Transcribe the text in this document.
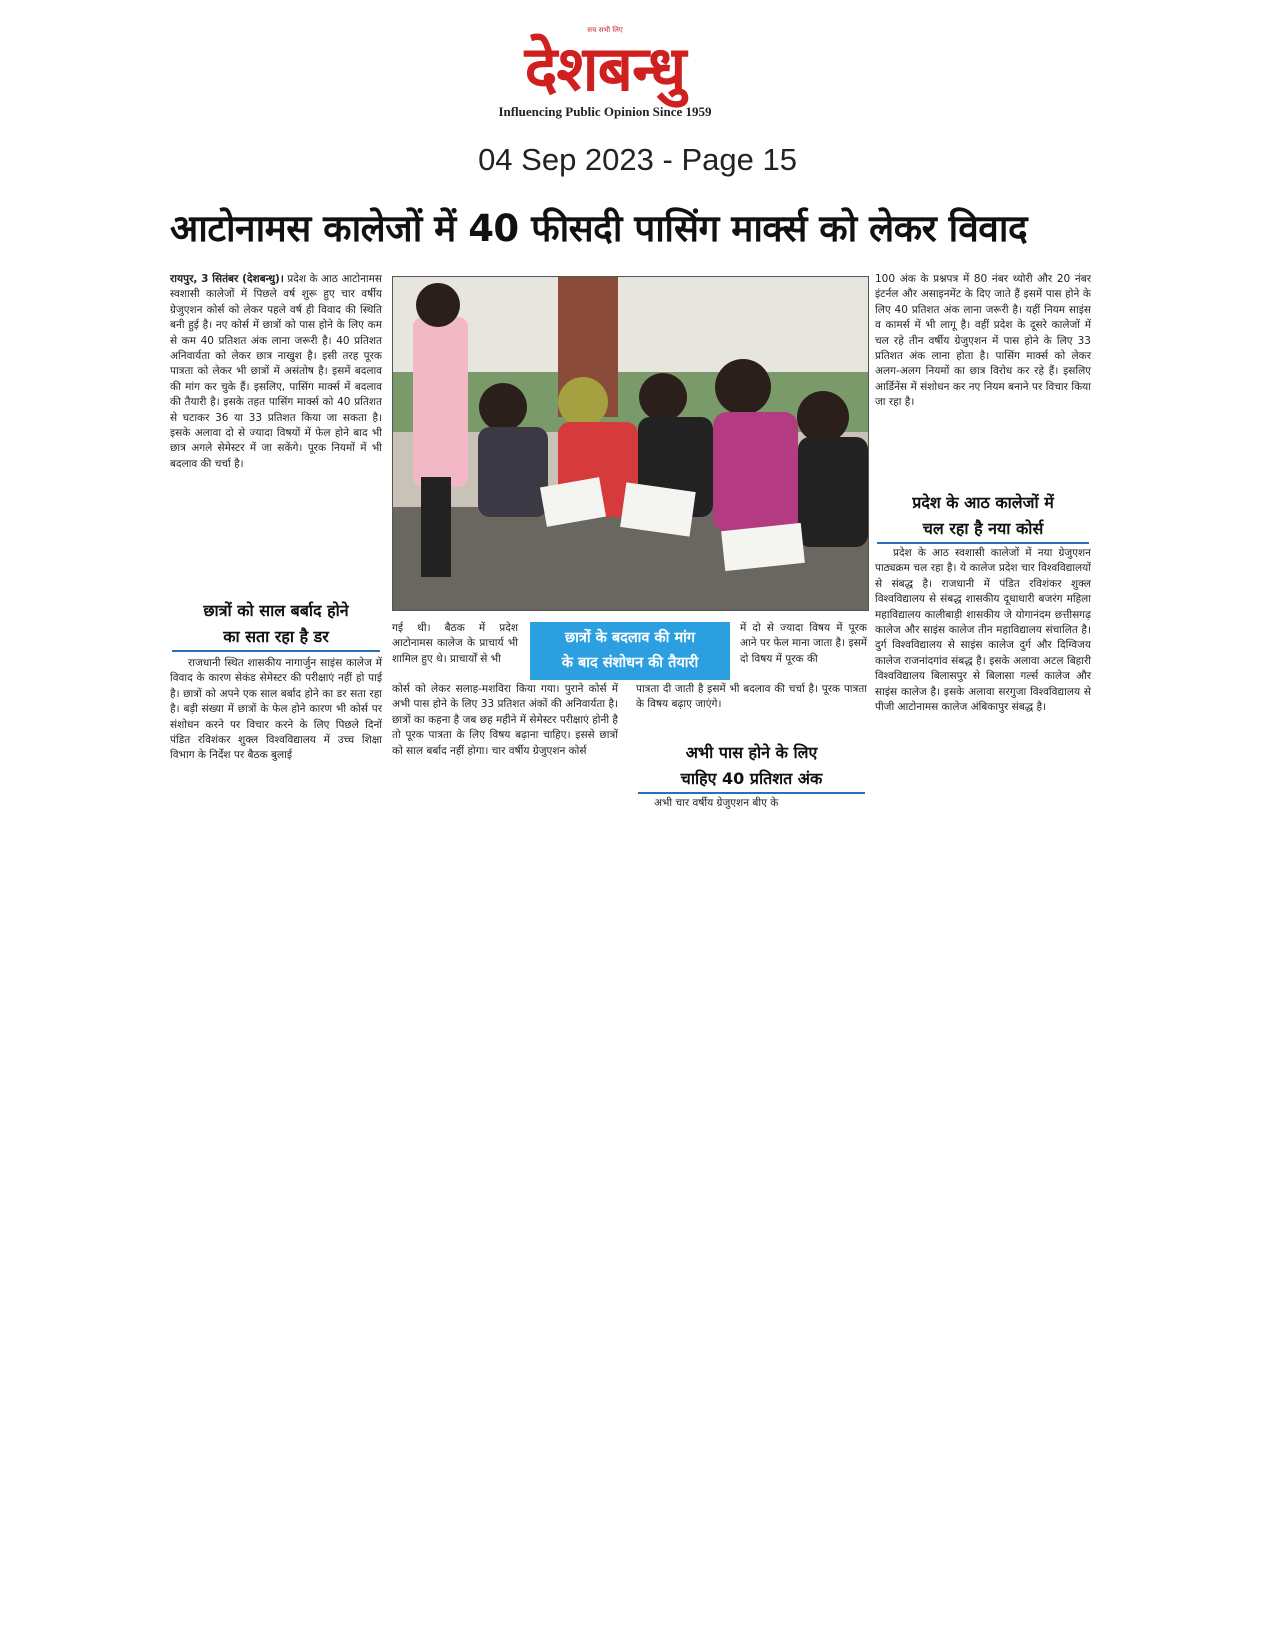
सच सभी लिए
देशबन्धु
Influencing Public Opinion Since 1959
04 Sep 2023 - Page 15
आटोनामस कालेजों में 40 फीसदी पासिंग मार्क्स को लेकर विवाद

रायपुर, 3 सितंबर (देशबन्धु)। प्रदेश के आठ आटोनामस स्वशासी कालेजों में पिछले वर्ष शुरू हुए चार वर्षीय ग्रेजुएशन कोर्स को लेकर पहले वर्ष ही विवाद की स्थिति बनी हुई है। नए कोर्स में छात्रों को पास होने के लिए कम से कम 40 प्रतिशत अंक लाना जरूरी है। 40 प्रतिशत अनिवार्यता को लेकर छात्र नाखुश है। इसी तरह पूरक पात्रता को लेकर भी छात्रों में असंतोष है। इसमें बदलाव की मांग कर चुके हैं। इसलिए, पासिंग मार्क्स में बदलाव की तैयारी है। इसके तहत पासिंग मार्क्स को 40 प्रतिशत से घटाकर 36 या 33 प्रतिशत किया जा सकता है। इसके अलावा दो से ज्यादा विषयों में फेल होने बाद भी छात्र अगले सेमेस्टर में जा सकेंगे। पूरक नियमों में भी बदलाव की चर्चा है।

छात्रों को साल बर्बाद होने
का सता रहा है डर

राजधानी स्थित शासकीय नागार्जुन साइंस कालेज में विवाद के कारण सेकंड सेमेस्टर की परीक्षाएं नहीं हो पाई है। छात्रों को अपने एक साल बर्बाद होने का डर सता रहा है। बड़ी संख्या में छात्रों के फेल होने कारण भी कोर्स पर संशोधन करने पर विचार करने के लिए पिछले दिनों पंडित रविशंकर शुक्ल विश्वविद्यालय में उच्च शिक्षा विभाग के निर्देश पर बैठक बुलाई

गई थी। बैठक में प्रदेश आटोनामस कालेज के प्राचार्य भी शामिल हुए थे। प्राचार्यों से भी

कोर्स को लेकर सलाह-मशविरा किया गया। पुराने कोर्स में अभी पास होने के लिए 33 प्रतिशत अंकों की अनिवार्यता है। छात्रों का कहना है जब छह महीने में सेमेस्टर परीक्षाएं होनी है तो पूरक पात्रता के लिए विषय बढ़ाना चाहिए। इससे छात्रों को साल बर्बाद नहीं होगा। चार वर्षीय ग्रेजुएशन कोर्स

छात्रों के बदलाव की मांग
के बाद संशोधन की तैयारी

में दो से ज्यादा विषय में पूरक आने पर फेल माना जाता है। इसमें दो विषय में पूरक की

पात्रता दी जाती है इसमें भी बदलाव की चर्चा है। पूरक पात्रता के विषय बढ़ाए जाएंगे।

अभी पास होने के लिए
चाहिए 40 प्रतिशत अंक

अभी चार वर्षीय ग्रेजुएशन बीए के

100 अंक के प्रश्नपत्र में 80 नंबर थ्योरी और 20 नंबर इंटर्नल और असाइनमेंट के दिए जाते हैं इसमें पास होने के लिए 40 प्रतिशत अंक लाना जरूरी है। यहीं नियम साइंस व कामर्स में भी लागू है। वहीं प्रदेश के दूसरे कालेजों में चल रहे तीन वर्षीय ग्रेजुएशन में पास होने के लिए 33 प्रतिशत अंक लाना होता है। पासिंग मार्क्स को लेकर अलग-अलग नियमों का छात्र विरोध कर रहे हैं। इसलिए आर्डिनेंस में संशोधन कर नए नियम बनाने पर विचार किया जा रहा है।

प्रदेश के आठ कालेजों में
चल रहा है नया कोर्स

प्रदेश के आठ स्वशासी कालेजों में नया ग्रेजुएशन पाठ्यक्रम चल रहा है। ये कालेज प्रदेश चार विश्वविद्यालयों से संबद्ध है। राजधानी में पंडित रविशंकर शुक्ल विश्वविद्यालय से संबद्ध शासकीय दूधाधारी बजरंग महिला महाविद्यालय कालीबाड़ी शासकीय जे योगानंदम छत्तीसगढ़ कालेज और साइंस कालेज तीन महाविद्यालय संचालित है। दुर्ग विश्वविद्यालय से साइंस कालेज दुर्ग और दिग्विजय कालेज राजनांदगांव संबद्ध है। इसके अलावा अटल बिहारी विश्वविद्यालय बिलासपुर से बिलासा गर्ल्स कालेज और साइंस कालेज है। इसके अलावा सरगुजा विश्वविद्यालय से पीजी आटोनामस कालेज अंबिकापुर संबद्ध है।
